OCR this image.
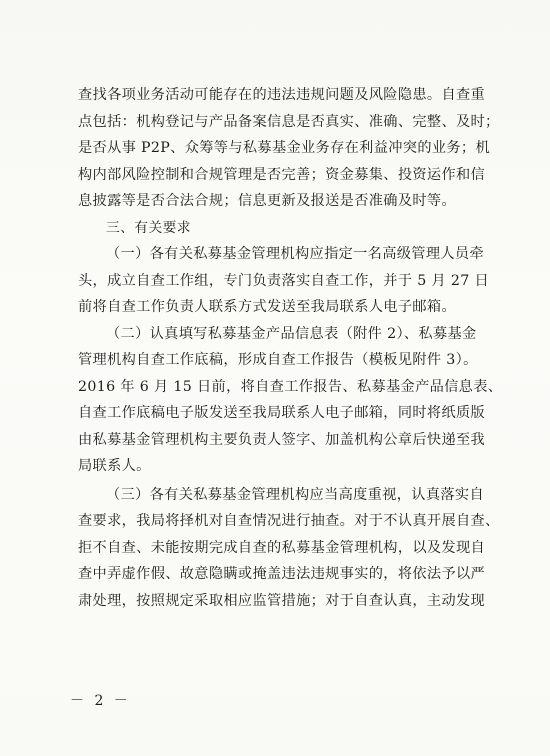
查找各项业务活动可能存在的违法违规问题及风险隐患。自查重
点包括：机构登记与产品备案信息是否真实、准确、完整、及时；
是否从事 P2P、众筹等与私募基金业务存在利益冲突的业务；机
构内部风险控制和合规管理是否完善；资金募集、投资运作和信
息披露等是否合法合规；信息更新及报送是否准确及时等。
三、有关要求
（一）各有关私募基金管理机构应指定一名高级管理人员牵
头，成立自查工作组，专门负责落实自查工作，并于 5 月 27 日
前将自查工作负责人联系方式发送至我局联系人电子邮箱。
（二）认真填写私募基金产品信息表（附件 2）、私募基金
管理机构自查工作底稿，形成自查工作报告（模板见附件 3）。
2016 年 6 月 15 日前，将自查工作报告、私募基金产品信息表、
自查工作底稿电子版发送至我局联系人电子邮箱，同时将纸质版
由私募基金管理机构主要负责人签字、加盖机构公章后快递至我
局联系人。
（三）各有关私募基金管理机构应当高度重视，认真落实自
查要求，我局将择机对自查情况进行抽查。对于不认真开展自查、
拒不自查、未能按期完成自查的私募基金管理机构，以及发现自
查中弄虚作假、故意隐瞒或掩盖违法违规事实的，将依法予以严
肃处理，按照规定采取相应监管措施；对于自查认真，主动发现
－ 2 －
